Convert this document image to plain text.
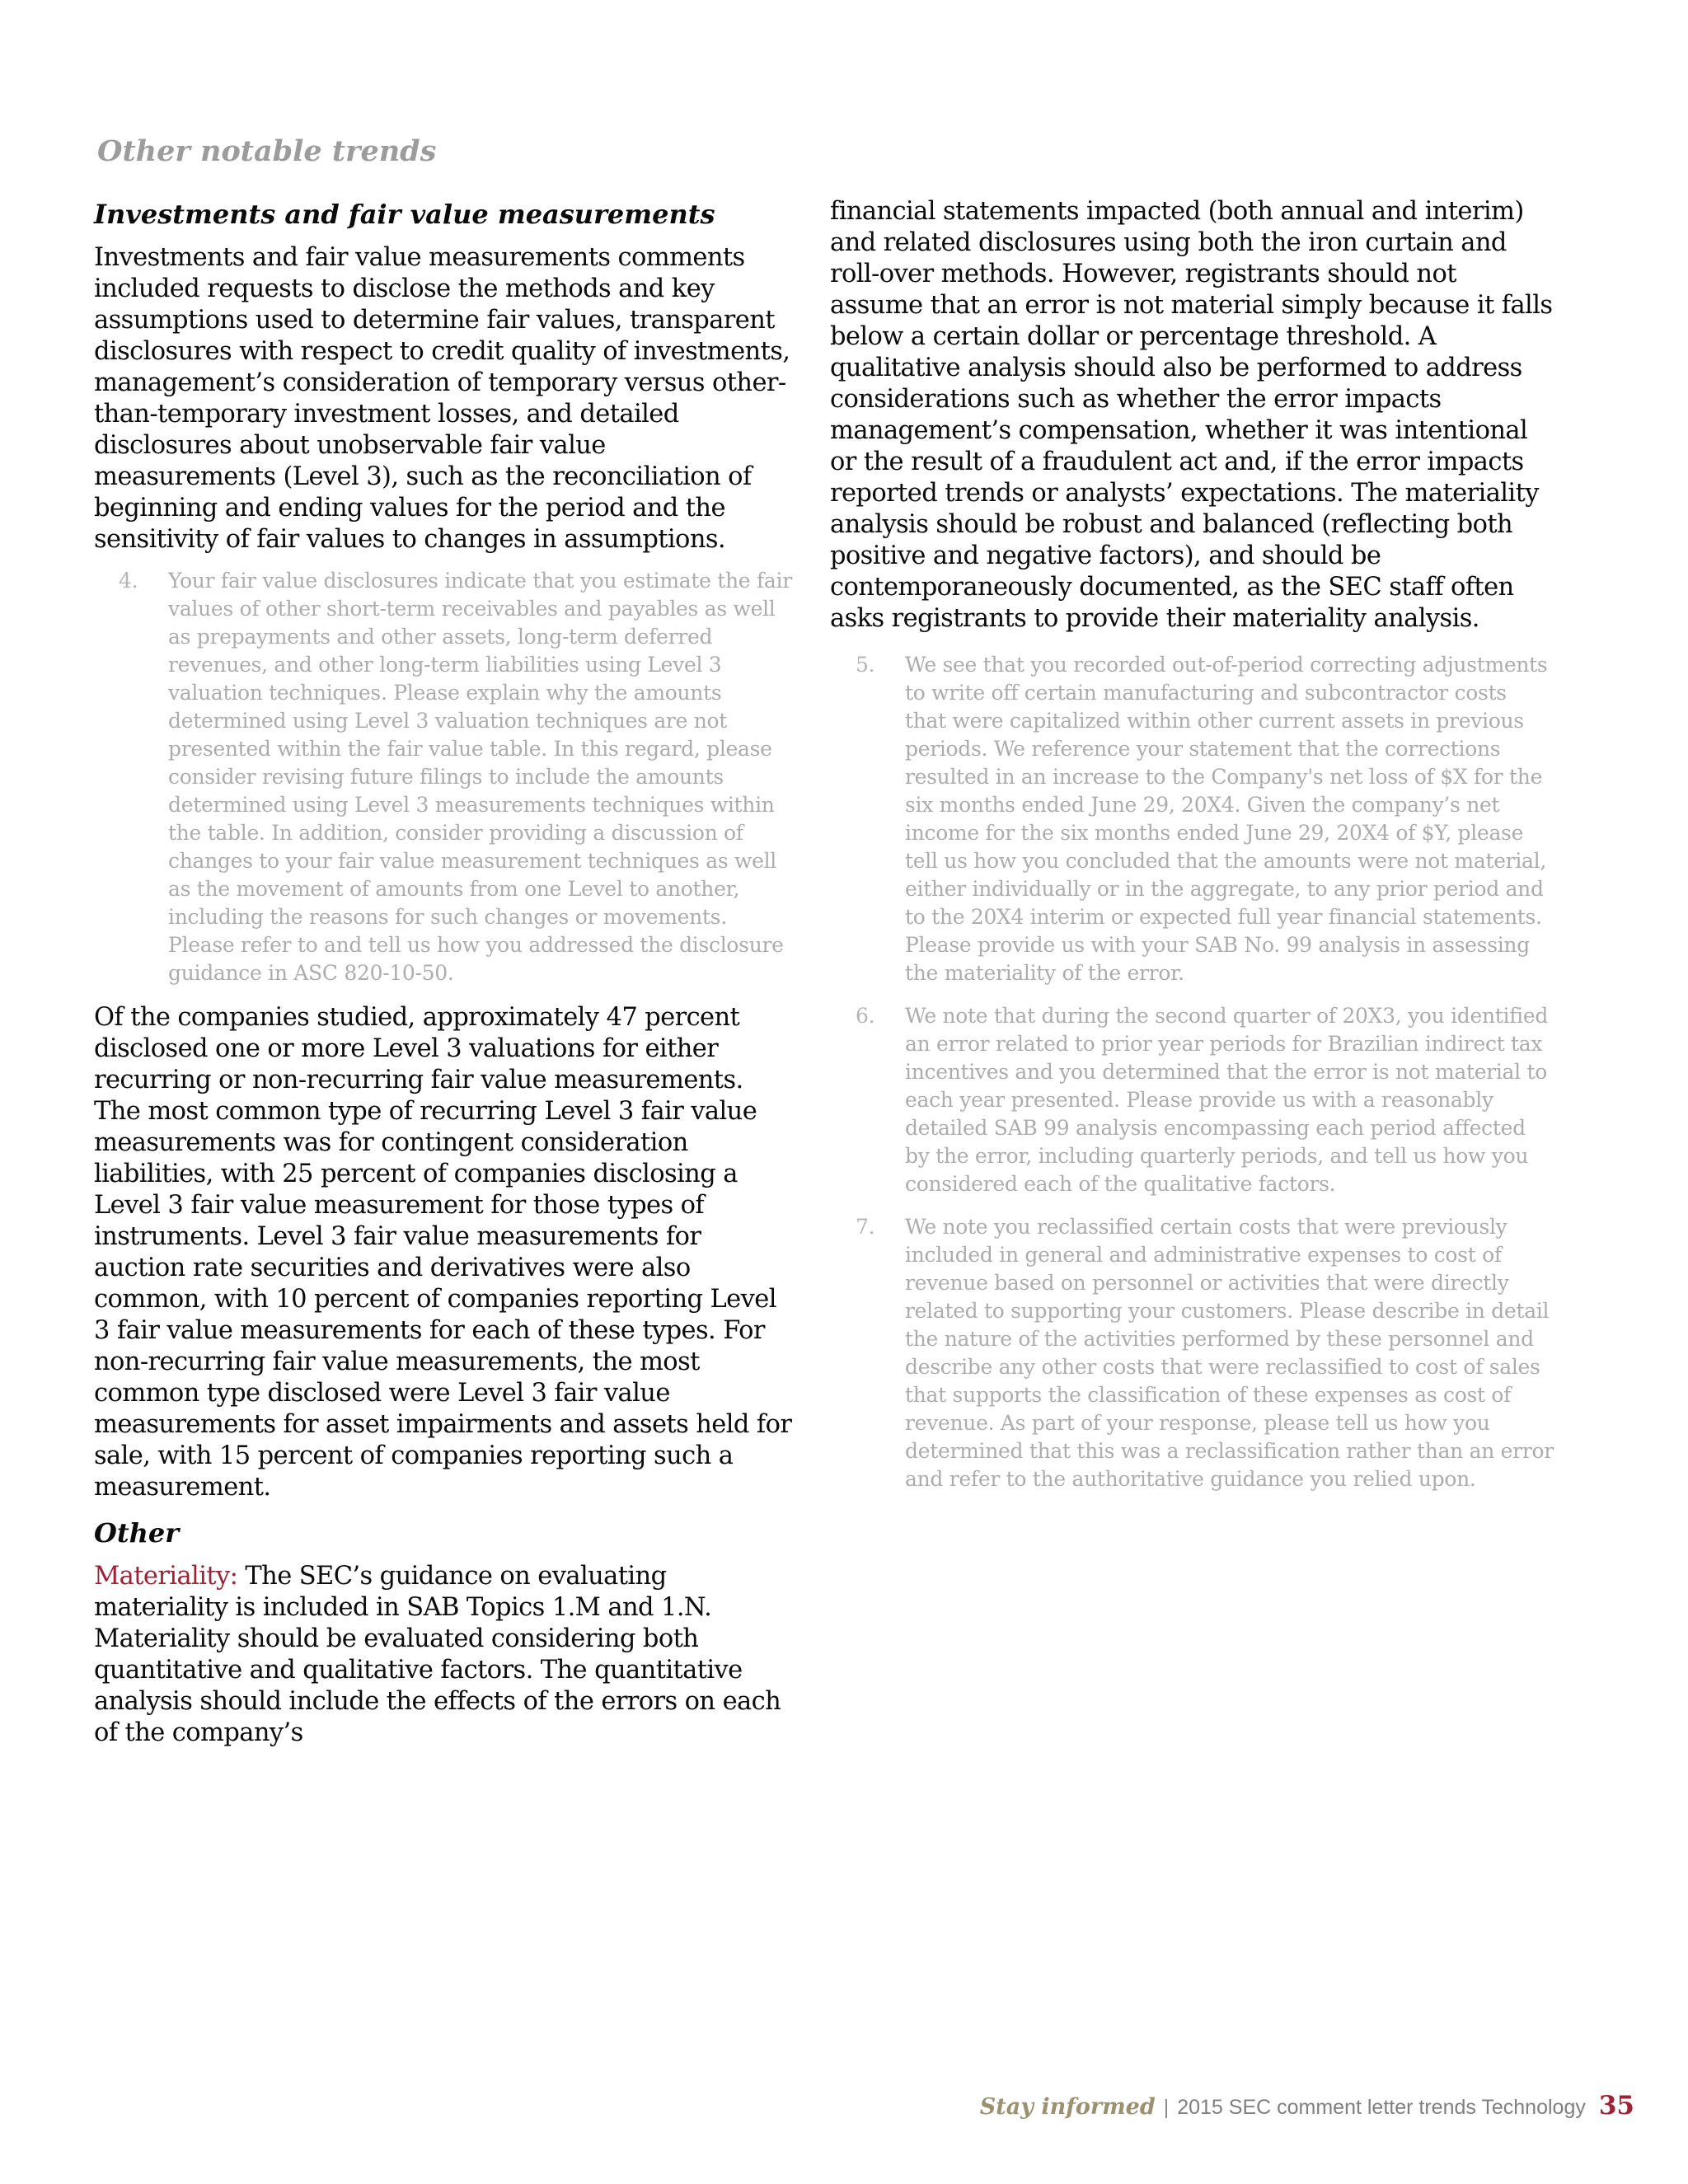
Other notable trends
Investments and fair value measurements

Investments and fair value measurements comments included requests to disclose the methods and key assumptions used to determine fair values, transparent disclosures with respect to credit quality of investments, management’s consideration of temporary versus other-than-temporary investment losses, and detailed disclosures about unobservable fair value measurements (Level 3), such as the reconciliation of beginning and ending values for the period and the sensitivity of fair values to changes in assumptions.

4.	Your fair value disclosures indicate that you estimate the fair values of other short-term receivables and payables as well as prepayments and other assets, long-term deferred revenues, and other long-term liabilities using Level 3 valuation techniques. Please explain why the amounts determined using Level 3 valuation techniques are not presented within the fair value table. In this regard, please consider revising future filings to include the amounts determined using Level 3 measurements techniques within the table. In addition, consider providing a discussion of changes to your fair value measurement techniques as well as the movement of amounts from one Level to another, including the reasons for such changes or movements. Please refer to and tell us how you addressed the disclosure guidance in ASC 820-10-50.

Of the companies studied, approximately 47 percent disclosed one or more Level 3 valuations for either recurring or non-recurring fair value measurements. The most common type of recurring Level 3 fair value measurements was for contingent consideration liabilities, with 25 percent of companies disclosing a Level 3 fair value measurement for those types of instruments. Level 3 fair value measurements for auction rate securities and derivatives were also common, with 10 percent of companies reporting Level 3 fair value measurements for each of these types. For non-recurring fair value measurements, the most common type disclosed were Level 3 fair value measurements for asset impairments and assets held for sale, with 15 percent of companies reporting such a measurement.

Other

Materiality: The SEC’s guidance on evaluating materiality is included in SAB Topics 1.M and 1.N. Materiality should be evaluated considering both quantitative and qualitative factors. The quantitative analysis should include the effects of the errors on each of the company’s

financial statements impacted (both annual and interim) and related disclosures using both the iron curtain and roll-over methods. However, registrants should not assume that an error is not material simply because it falls below a certain dollar or percentage threshold. A qualitative analysis should also be performed to address considerations such as whether the error impacts management’s compensation, whether it was intentional or the result of a fraudulent act and, if the error impacts reported trends or analysts’ expectations. The materiality analysis should be robust and balanced (reflecting both positive and negative factors), and should be contemporaneously documented, as the SEC staff often asks registrants to provide their materiality analysis.

5.	We see that you recorded out-of-period correcting adjustments to write off certain manufacturing and subcontractor costs that were capitalized within other current assets in previous periods. We reference your statement that the corrections resulted in an increase to the Company's net loss of $X for the six months ended June 29, 20X4. Given the company’s net income for the six months ended June 29, 20X4 of $Y, please tell us how you concluded that the amounts were not material, either individually or in the aggregate, to any prior period and to the 20X4 interim or expected full year financial statements. Please provide us with your SAB No. 99 analysis in assessing the materiality of the error.
6.	We note that during the second quarter of 20X3, you identified an error related to prior year periods for Brazilian indirect tax incentives and you determined that the error is not material to each year presented. Please provide us with a reasonably detailed SAB 99 analysis encompassing each period affected by the error, including quarterly periods, and tell us how you considered each of the qualitative factors.
7.	We note you reclassified certain costs that were previously included in general and administrative expenses to cost of revenue based on personnel or activities that were directly related to supporting your customers. Please describe in detail the nature of the activities performed by these personnel and describe any other costs that were reclassified to cost of sales that supports the classification of these expenses as cost of revenue. As part of your response, please tell us how you determined that this was a reclassification rather than an error and refer to the authoritative guidance you relied upon.
Stay informed | 2015 SEC comment letter trends Technology 35
